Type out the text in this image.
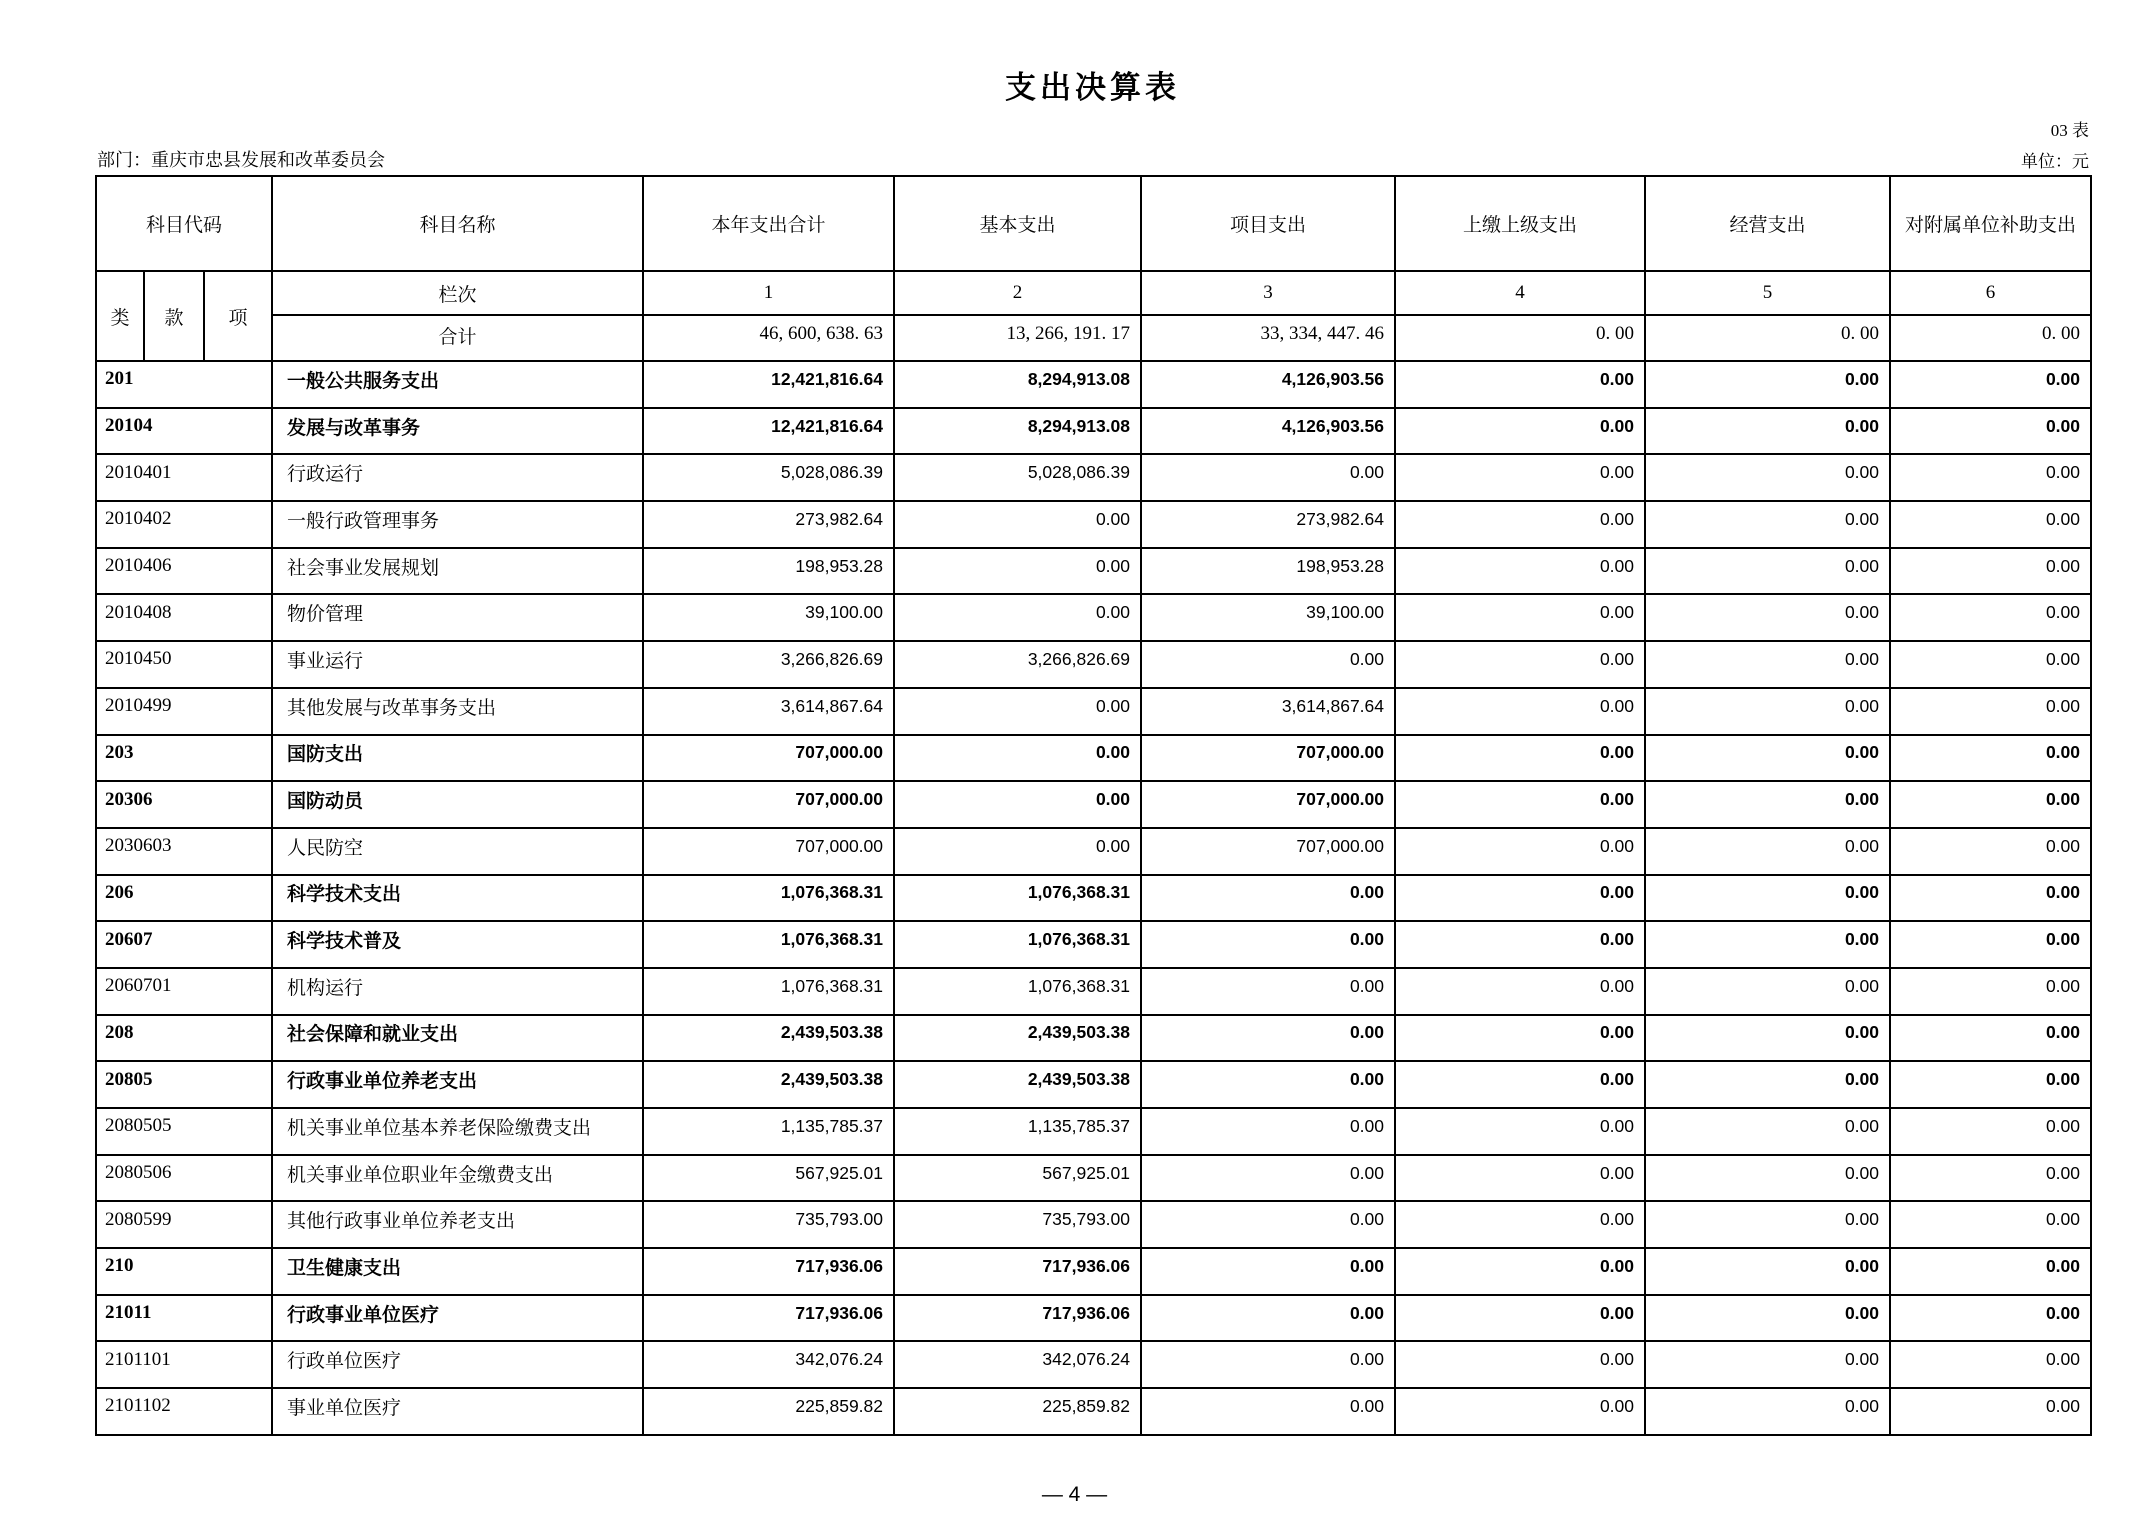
支出决算表
03 表
部门：重庆市忠县发展和改革委员会	单位：元
科目代码			科目名称	本年支出合计	基本支出	项目支出	上缴上级支出	经营支出	对附属单位补助支出
类	款	项	栏次	1	2	3	4	5	6
			合计	46, 600, 638. 63	13, 266, 191. 17	33, 334, 447. 46	0. 00	0. 00	0. 00
201			一般公共服务支出	12,421,816.64	8,294,913.08	4,126,903.56	0.00	0.00	0.00
20104			发展与改革事务	12,421,816.64	8,294,913.08	4,126,903.56	0.00	0.00	0.00
2010401			行政运行	5,028,086.39	5,028,086.39	0.00	0.00	0.00	0.00
2010402			一般行政管理事务	273,982.64	0.00	273,982.64	0.00	0.00	0.00
2010406			社会事业发展规划	198,953.28	0.00	198,953.28	0.00	0.00	0.00
2010408			物价管理	39,100.00	0.00	39,100.00	0.00	0.00	0.00
2010450			事业运行	3,266,826.69	3,266,826.69	0.00	0.00	0.00	0.00
2010499			其他发展与改革事务支出	3,614,867.64	0.00	3,614,867.64	0.00	0.00	0.00
203			国防支出	707,000.00	0.00	707,000.00	0.00	0.00	0.00
20306			国防动员	707,000.00	0.00	707,000.00	0.00	0.00	0.00
2030603			人民防空	707,000.00	0.00	707,000.00	0.00	0.00	0.00
206			科学技术支出	1,076,368.31	1,076,368.31	0.00	0.00	0.00	0.00
20607			科学技术普及	1,076,368.31	1,076,368.31	0.00	0.00	0.00	0.00
2060701			机构运行	1,076,368.31	1,076,368.31	0.00	0.00	0.00	0.00
208			社会保障和就业支出	2,439,503.38	2,439,503.38	0.00	0.00	0.00	0.00
20805			行政事业单位养老支出	2,439,503.38	2,439,503.38	0.00	0.00	0.00	0.00
2080505			机关事业单位基本养老保险缴费支出	1,135,785.37	1,135,785.37	0.00	0.00	0.00	0.00
2080506			机关事业单位职业年金缴费支出	567,925.01	567,925.01	0.00	0.00	0.00	0.00
2080599			其他行政事业单位养老支出	735,793.00	735,793.00	0.00	0.00	0.00	0.00
210			卫生健康支出	717,936.06	717,936.06	0.00	0.00	0.00	0.00
21011			行政事业单位医疗	717,936.06	717,936.06	0.00	0.00	0.00	0.00
2101101			行政单位医疗	342,076.24	342,076.24	0.00	0.00	0.00	0.00
2101102			事业单位医疗	225,859.82	225,859.82	0.00	0.00	0.00	0.00
— 4 —
